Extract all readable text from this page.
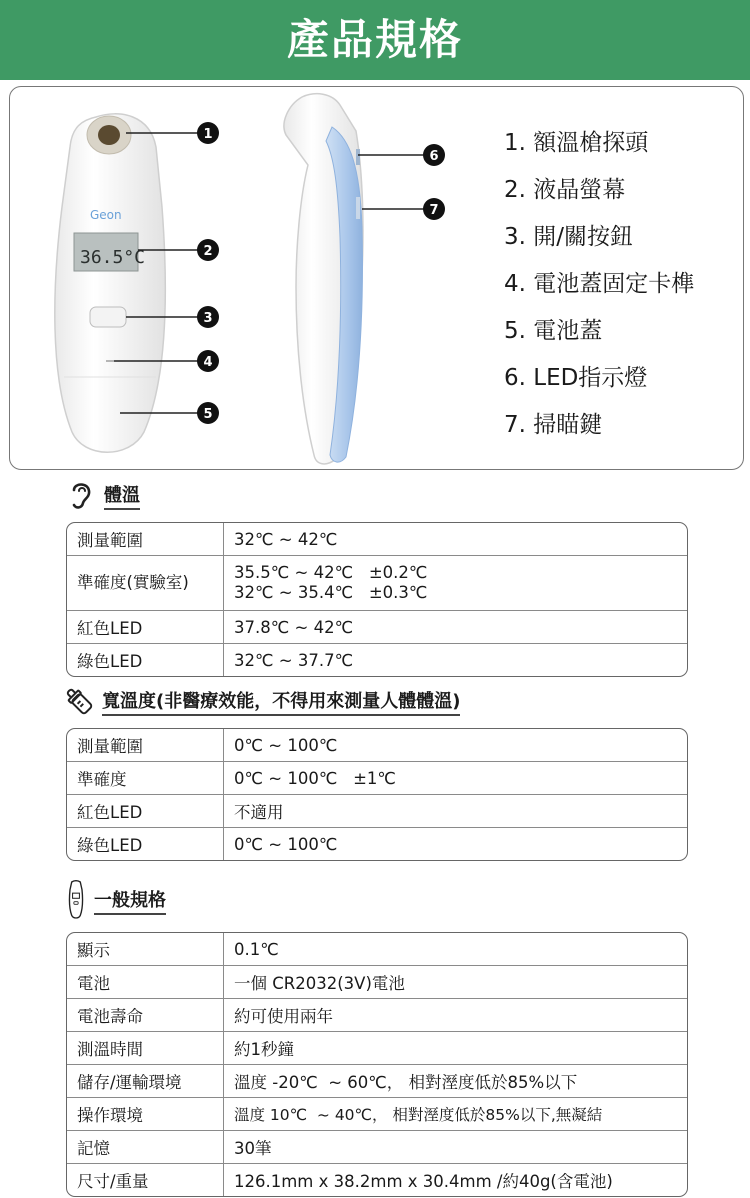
產品規格
Geon
36.5°C
1
2
3
4
5
6
7
1. 額溫槍探頭
2. 液晶螢幕
3. 開/關按鈕
4. 電池蓋固定卡榫
5. 電池蓋
6. LED指示燈
7. 掃瞄鍵
體溫
測量範圍	32℃ ~ 42℃
準確度(實驗室)	35.5℃ ~ 42℃   ±0.2℃
32℃ ~ 35.4℃   ±0.3℃

紅色LED	37.8℃ ~ 42℃
綠色LED	32℃ ~ 37.7℃
寬溫度(非醫療效能，不得用來測量人體體溫)
測量範圍	0℃ ~ 100℃
準確度	0℃ ~ 100℃   ±1℃
紅色LED	不適用
綠色LED	0℃ ~ 100℃
一般規格
顯示	0.1℃
電池	一個 CR2032(3V)電池
電池壽命	約可使用兩年
測溫時間	約1秒鐘
儲存/運輸環境	溫度 -20℃  ~ 60℃， 相對溼度低於85%以下
操作環境	溫度 10℃  ~ 40℃， 相對溼度低於85%以下,無凝結
記憶	30筆
尺寸/重量	126.1mm x 38.2mm x 30.4mm /約40g(含電池)
